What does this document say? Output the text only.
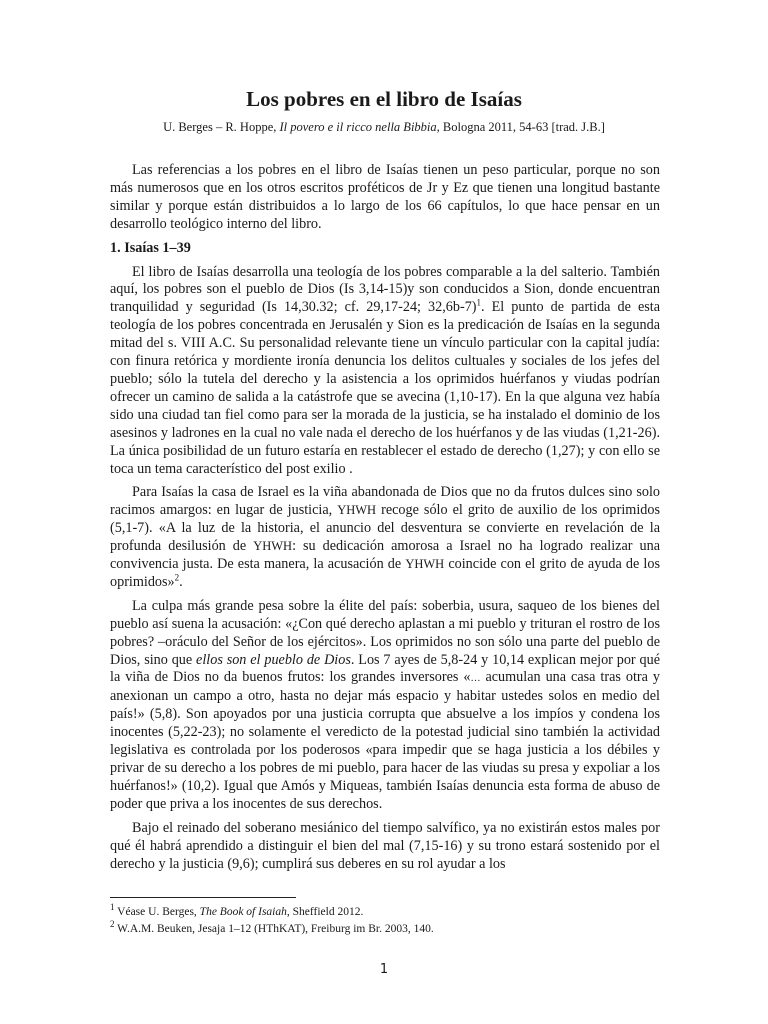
Los pobres en el libro de Isaías
U. Berges – R. Hoppe, Il povero e il ricco nella Bibbia, Bologna 2011, 54-63 [trad. J.B.]

Las referencias a los pobres en el libro de Isaías tienen un peso particular, porque no son más numerosos que en los otros escritos proféticos de Jr y Ez que tienen una longitud bastante similar y porque están distribuidos a lo largo de los 66 capítulos, lo que hace pensar en un desarrollo teológico interno del libro.

1. Isaías 1–39

El libro de Isaías desarrolla una teología de los pobres comparable a la del salterio. También aquí, los pobres son el pueblo de Dios (Is 3,14-15)y son conducidos a Sion, donde encuentran tranquilidad y seguridad (Is 14,30.32; cf. 29,17-24; 32,6b-7)$^1$. El punto de partida de esta teología de los pobres concentrada en Jerusalén y Sion es la predicación de Isaías en la segunda mitad del s. VIII A.C. Su personalidad relevante tiene un vínculo particular con la capital judía: con finura retórica y mordiente ironía denuncia los delitos cultuales y sociales de los jefes del pueblo; sólo la tutela del derecho y la asistencia a los oprimidos huérfanos y viudas podrían ofrecer un camino de salida a la catástrofe que se avecina (1,10-17). En la que alguna vez había sido una ciudad tan fiel como para ser la morada de la justicia, se ha instalado el dominio de los asesinos y ladrones en la cual no vale nada el derecho de los huérfanos y de las viudas (1,21-26). La única posibilidad de un futuro estaría en restablecer el estado de derecho (1,27); y con ello se toca un tema característico del post exilio .

Para Isaías la casa de Israel es la viña abandonada de Dios que no da frutos dulces sino solo racimos amargos: en lugar de justicia, YHWH recoge sólo el grito de auxilio de los oprimidos (5,1-7). «A la luz de la historia, el anuncio del desventura se convierte en revelación de la profunda desilusión de YHWH: su dedicación amorosa a Israel no ha logrado realizar una convivencia justa. De esta manera, la acusación de YHWH coincide con el grito de ayuda de los oprimidos»$^2$.

La culpa más grande pesa sobre la élite del país: soberbia, usura, saqueo de los bienes del pueblo así suena la acusación: «¿Con qué derecho aplastan a mi pueblo y trituran el rostro de los pobres? –oráculo del Señor de los ejércitos». Los oprimidos no son sólo una parte del pueblo de Dios, sino que ellos son el pueblo de Dios. Los 7 ayes de 5,8-24 y 10,14 explican mejor por qué la viña de Dios no da buenos frutos: los grandes inversores «… acumulan una casa tras otra y anexionan un campo a otro, hasta no dejar más espacio y habitar ustedes solos en medio del país!» (5,8). Son apoyados por una justicia corrupta que absuelve a los impíos y condena los inocentes (5,22-23); no solamente el veredicto de la potestad judicial sino también la actividad legislativa es controlada por los poderosos «para impedir que se haga justicia a los débiles y privar de su derecho a los pobres de mi pueblo, para hacer de las viudas su presa y expoliar a los huérfanos!» (10,2). Igual que Amós y Miqueas, también Isaías denuncia esta forma de abuso de poder que priva a los inocentes de sus derechos.

Bajo el reinado del soberano mesiánico del tiempo salvífico, ya no existirán estos males por qué él habrá aprendido a distinguir el bien del mal (7,15-16) y su trono estará sostenido por el derecho y la justicia (9,6); cumplirá sus deberes en su rol ayudar a los

$^1$ Véase U. Berges, The Book of Isaiah, Sheffield 2012.
$^2$ W.A.M. Beuken, Jesaja 1–12 (HThKAT), Freiburg im Br. 2003, 140.
1
